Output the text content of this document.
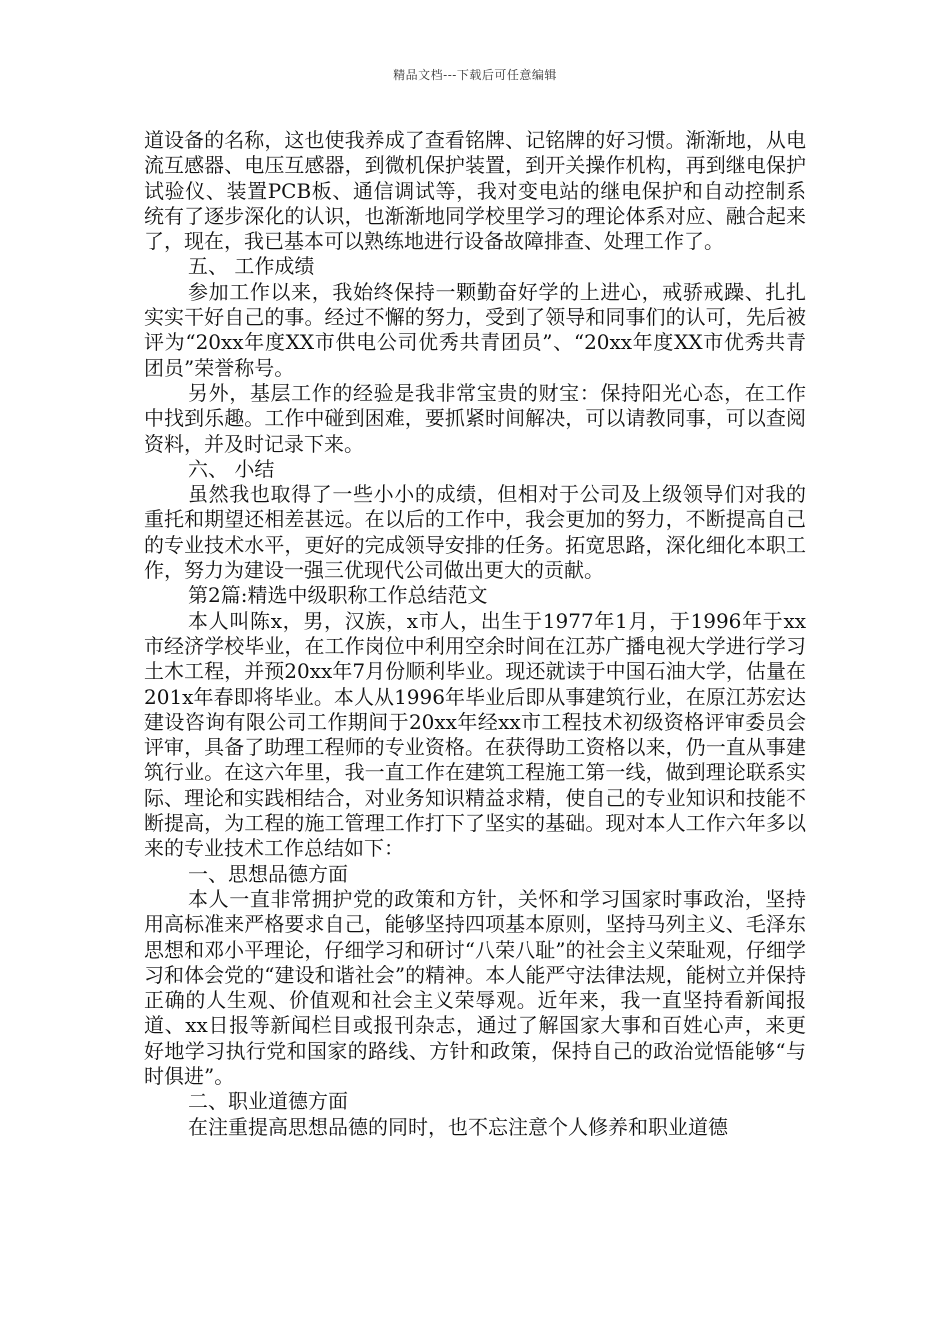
精品文档---下载后可任意编辑

道设备的名称，这也使我养成了查看铭牌、记铭牌的好习惯。渐渐地，从电流互感器、电压互感器，到微机保护装置，到开关操作机构，再到继电保护试验仪、装置PCB板、通信调试等，我对变电站的继电保护和自动控制系统有了逐步深化的认识，也渐渐地同学校里学习的理论体系对应、融合起来了，现在，我已基本可以熟练地进行设备故障排查、处理工作了。

五、 工作成绩

参加工作以来，我始终保持一颗勤奋好学的上进心，戒骄戒躁、扎扎实实干好自己的事。经过不懈的努力，受到了领导和同事们的认可，先后被评为“20xx年度XX市供电公司优秀共青团员”、“20xx年度XX市优秀共青团员”荣誉称号。

另外，基层工作的经验是我非常宝贵的财宝：保持阳光心态，在工作中找到乐趣。工作中碰到困难，要抓紧时间解决，可以请教同事，可以查阅资料，并及时记录下来。

六、 小结

虽然我也取得了一些小小的成绩，但相对于公司及上级领导们对我的重托和期望还相差甚远。在以后的工作中，我会更加的努力，不断提高自己的专业技术水平，更好的完成领导安排的任务。拓宽思路，深化细化本职工作，努力为建设一强三优现代公司做出更大的贡献。

第2篇:精选中级职称工作总结范文

本人叫陈x，男，汉族，x市人，出生于1977年1月，于1996年于xx市经济学校毕业，在工作岗位中利用空余时间在江苏广播电视大学进行学习土木工程，并预20xx年7月份顺利毕业。现还就读于中国石油大学，估量在201x年春即将毕业。本人从1996年毕业后即从事建筑行业，在原江苏宏达建设咨询有限公司工作期间于20xx年经xx市工程技术初级资格评审委员会评审，具备了助理工程师的专业资格。在获得助工资格以来，仍一直从事建筑行业。在这六年里，我一直工作在建筑工程施工第一线，做到理论联系实际、理论和实践相结合，对业务知识精益求精，使自己的专业知识和技能不断提高，为工程的施工管理工作打下了坚实的基础。现对本人工作六年多以来的专业技术工作总结如下：

一、思想品德方面

本人一直非常拥护党的政策和方针，关怀和学习国家时事政治，坚持用高标准来严格要求自己，能够坚持四项基本原则，坚持马列主义、毛泽东思想和邓小平理论，仔细学习和研讨“八荣八耻”的社会主义荣耻观，仔细学习和体会党的“建设和谐社会”的精神。本人能严守法律法规，能树立并保持正确的人生观、价值观和社会主义荣辱观。近年来，我一直坚持看新闻报道、xx日报等新闻栏目或报刊杂志，通过了解国家大事和百姓心声，来更好地学习执行党和国家的路线、方针和政策，保持自己的政治觉悟能够“与时俱进”。

二、职业道德方面

在注重提高思想品德的同时，也不忘注意个人修养和职业道德
